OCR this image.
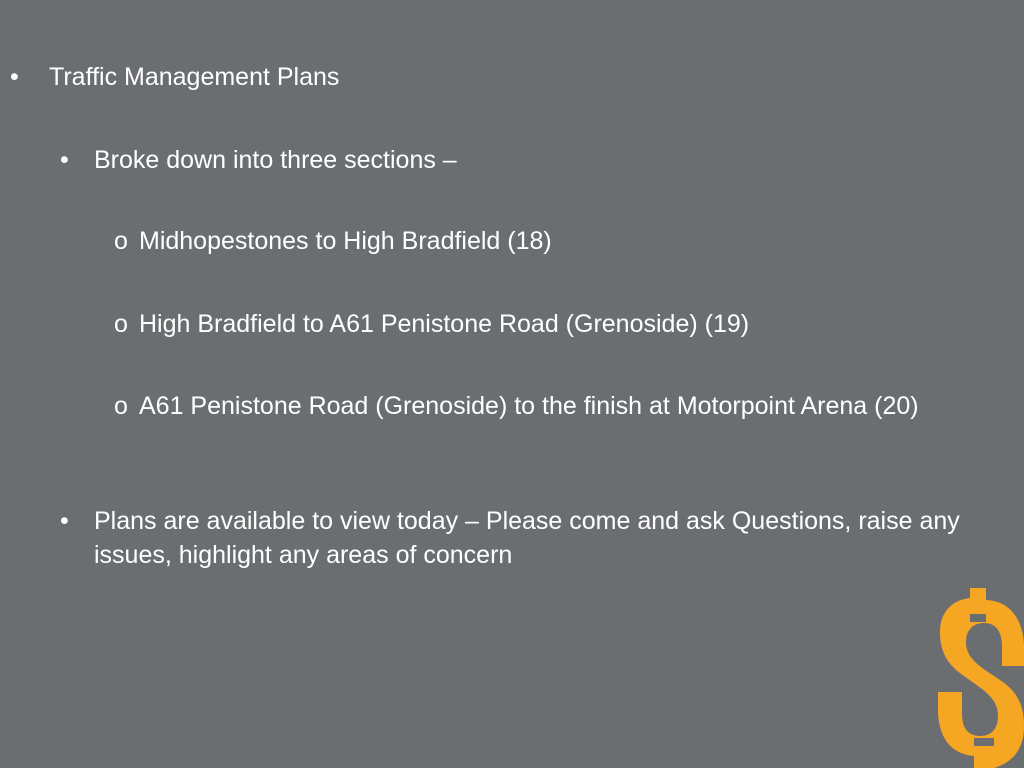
• Traffic Management Plans
• Broke down into three sections –
o Midhopestones to High Bradfield (18)
o High Bradfield to A61 Penistone Road (Grenoside) (19)
o A61 Penistone Road (Grenoside) to the finish at Motorpoint Arena (20)
• Plans are available to view today – Please come and ask Questions, raise any issues, highlight any areas of concern
